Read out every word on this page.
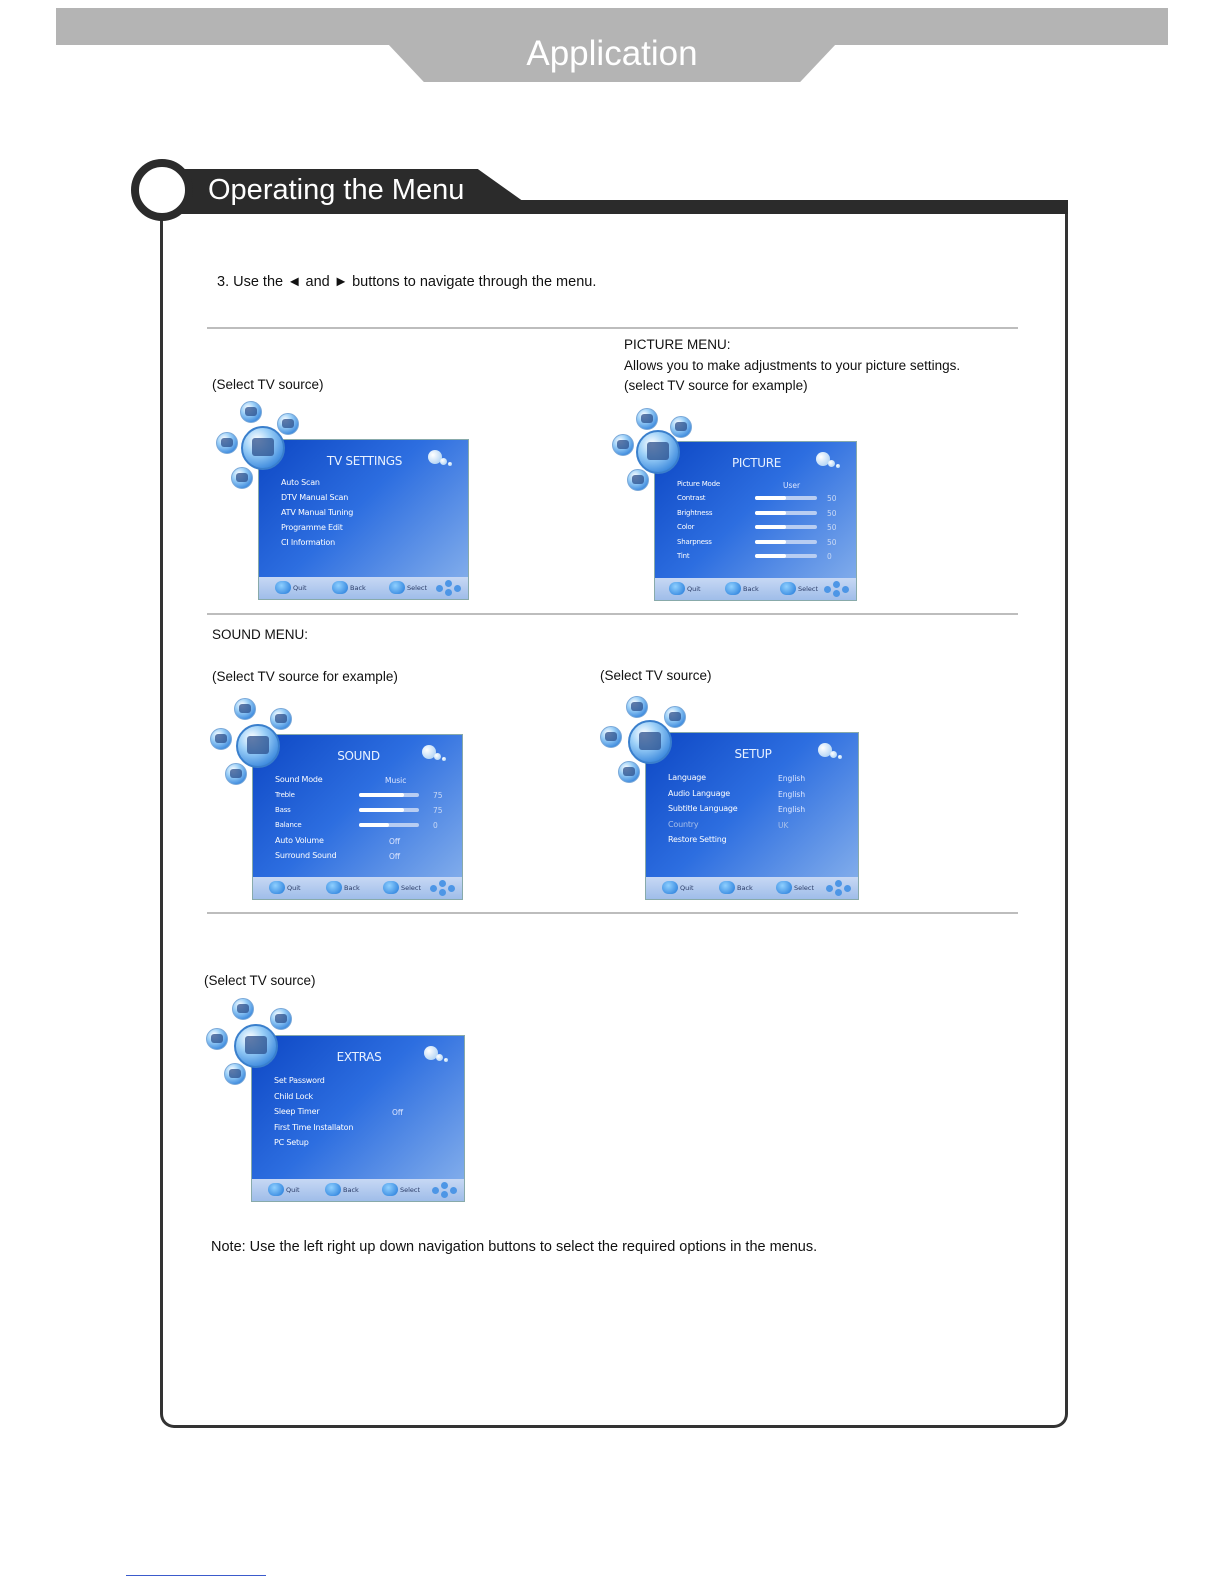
Application
Operating the Menu
3. Use the ◄ and ► buttons to navigate through the menu.
(Select TV source)
PICTURE MENU:
Allows you to make adjustments to your picture settings.
(select TV source for example)
SOUND MENU:
(Select TV source for example)	(Select TV source)
(Select TV source)
TV SETTINGS
Auto Scan
DTV Manual Scan
ATV Manual Tuning
Programme Edit
CI Information
Quit	Back	Select
PICTURE
Picture Mode	User
Contrast	50
Brightness	50
Color	50
Sharpness	50
Tint	0
Quit	Back	Select
SOUND
Sound Mode	Music
Treble	75
Bass	75
Balance	0
Auto Volume	Off
Surround Sound	Off
Quit	Back	Select
SETUP
Language	English
Audio Language	English
Subtitle Language	English
Country	UK
Restore Setting
Quit	Back	Select
EXTRAS
Set Password
Child Lock
Sleep Timer	Off
First Time Installaton
PC Setup
Quit	Back	Select
Note: Use the left right up down navigation buttons to select the required options in the menus.
